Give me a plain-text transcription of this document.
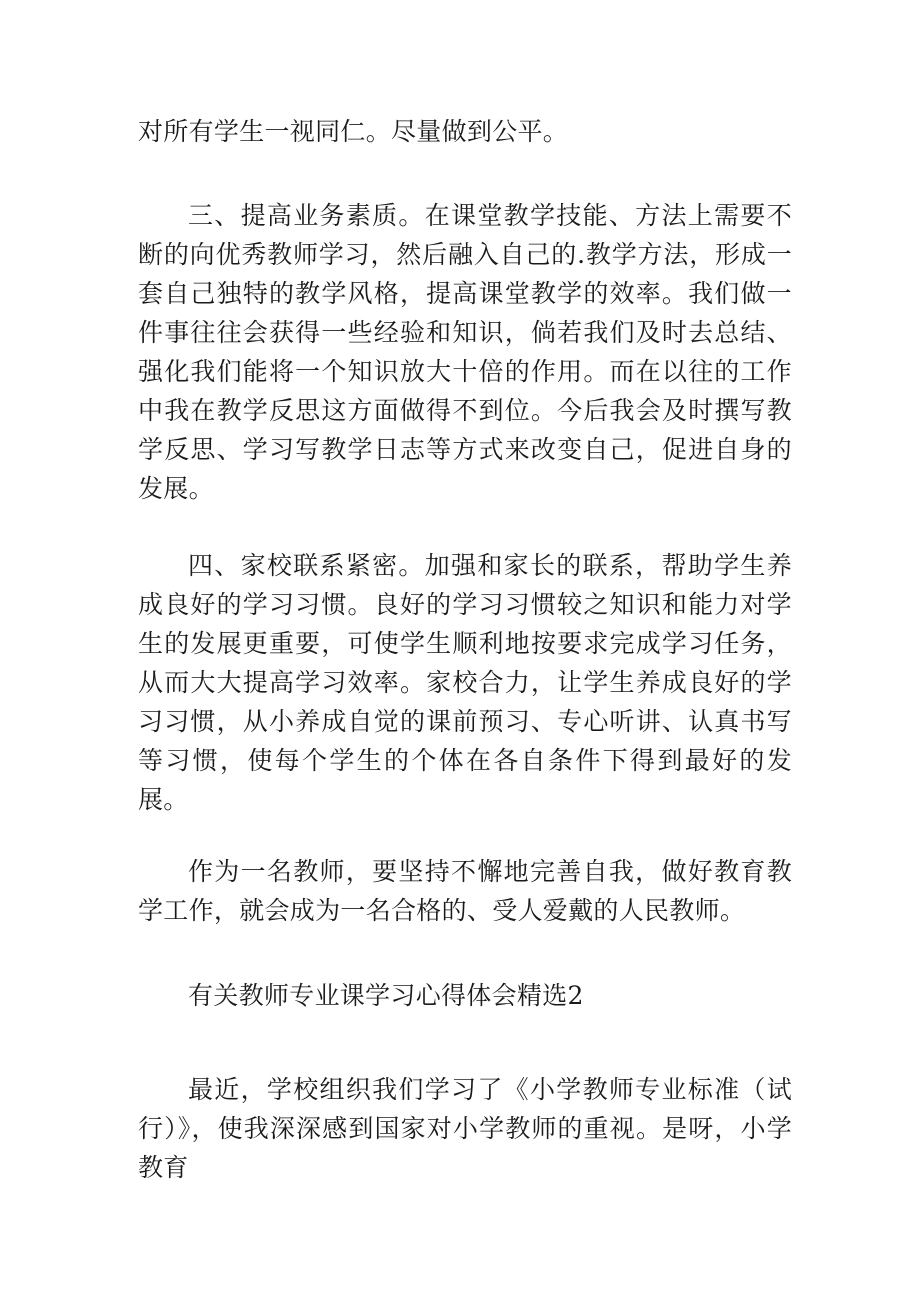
对所有学生一视同仁。尽量做到公平。

三、提高业务素质。在课堂教学技能、方法上需要不断的向优秀教师学习，然后融入自己的.教学方法，形成一套自己独特的教学风格，提高课堂教学的效率。我们做一件事往往会获得一些经验和知识，倘若我们及时去总结、强化我们能将一个知识放大十倍的作用。而在以往的工作中我在教学反思这方面做得不到位。今后我会及时撰写教学反思、学习写教学日志等方式来改变自己，促进自身的发展。

四、家校联系紧密。加强和家长的联系，帮助学生养成良好的学习习惯。良好的学习习惯较之知识和能力对学生的发展更重要，可使学生顺利地按要求完成学习任务，从而大大提高学习效率。家校合力，让学生养成良好的学习习惯，从小养成自觉的课前预习、专心听讲、认真书写等习惯，使每个学生的个体在各自条件下得到最好的发展。

作为一名教师，要坚持不懈地完善自我，做好教育教学工作，就会成为一名合格的、受人爱戴的人民教师。

有关教师专业课学习心得体会精选2

最近，学校组织我们学习了《小学教师专业标准（试行）》，使我深深感到国家对小学教师的重视。是呀，小学教育
